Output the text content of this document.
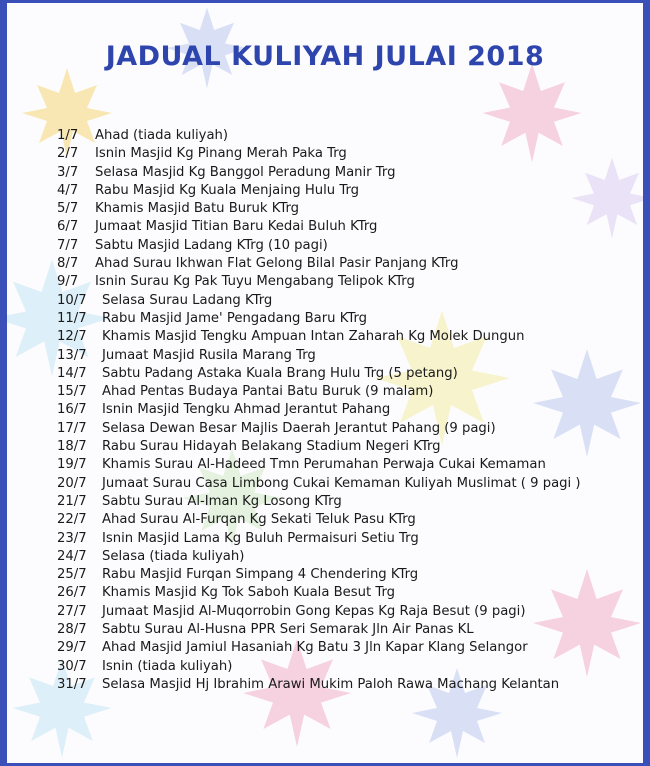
JADUAL KULIYAH JULAI 2018
1/7 Ahad (tiada kuliyah)
2/7 Isnin Masjid Kg Pinang Merah Paka Trg
3/7 Selasa Masjid Kg Banggol Peradung Manir Trg
4/7 Rabu Masjid Kg Kuala Menjaing Hulu Trg
5/7 Khamis Masjid Batu Buruk KTrg
6/7 Jumaat Masjid Titian Baru Kedai Buluh KTrg
7/7 Sabtu Masjid Ladang KTrg (10 pagi)
8/7 Ahad Surau Ikhwan Flat Gelong Bilal Pasir Panjang KTrg
9/7 Isnin Surau Kg Pak Tuyu Mengabang Telipok KTrg
10/7 Selasa Surau Ladang KTrg
11/7 Rabu Masjid Jame' Pengadang Baru KTrg
12/7 Khamis Masjid Tengku Ampuan Intan Zaharah Kg Molek Dungun
13/7 Jumaat Masjid Rusila Marang Trg
14/7 Sabtu Padang Astaka Kuala Brang Hulu Trg (5 petang)
15/7 Ahad Pentas Budaya Pantai Batu Buruk (9 malam)
16/7 Isnin Masjid Tengku Ahmad Jerantut Pahang
17/7 Selasa Dewan Besar Majlis Daerah Jerantut Pahang (9 pagi)
18/7 Rabu Surau Hidayah Belakang Stadium Negeri KTrg
19/7 Khamis Surau Al-Hadeed Tmn Perumahan Perwaja Cukai Kemaman
20/7 Jumaat Surau Casa Limbong Cukai Kemaman Kuliyah Muslimat ( 9 pagi )
21/7 Sabtu Surau Al-Iman Kg Losong KTrg
22/7 Ahad Surau Al-Furqan Kg Sekati Teluk Pasu KTrg
23/7 Isnin Masjid Lama Kg Buluh Permaisuri Setiu Trg
24/7 Selasa (tiada kuliyah)
25/7 Rabu Masjid Furqan Simpang 4 Chendering KTrg
26/7 Khamis Masjid Kg Tok Saboh Kuala Besut Trg
27/7 Jumaat Masjid Al-Muqorrobin Gong Kepas Kg Raja Besut (9 pagi)
28/7 Sabtu Surau Al-Husna PPR Seri Semarak Jln Air Panas KL
29/7 Ahad Masjid Jamiul Hasaniah Kg Batu 3 Jln Kapar Klang Selangor
30/7 Isnin (tiada kuliyah)
31/7 Selasa Masjid Hj Ibrahim Arawi Mukim Paloh Rawa Machang Kelantan
